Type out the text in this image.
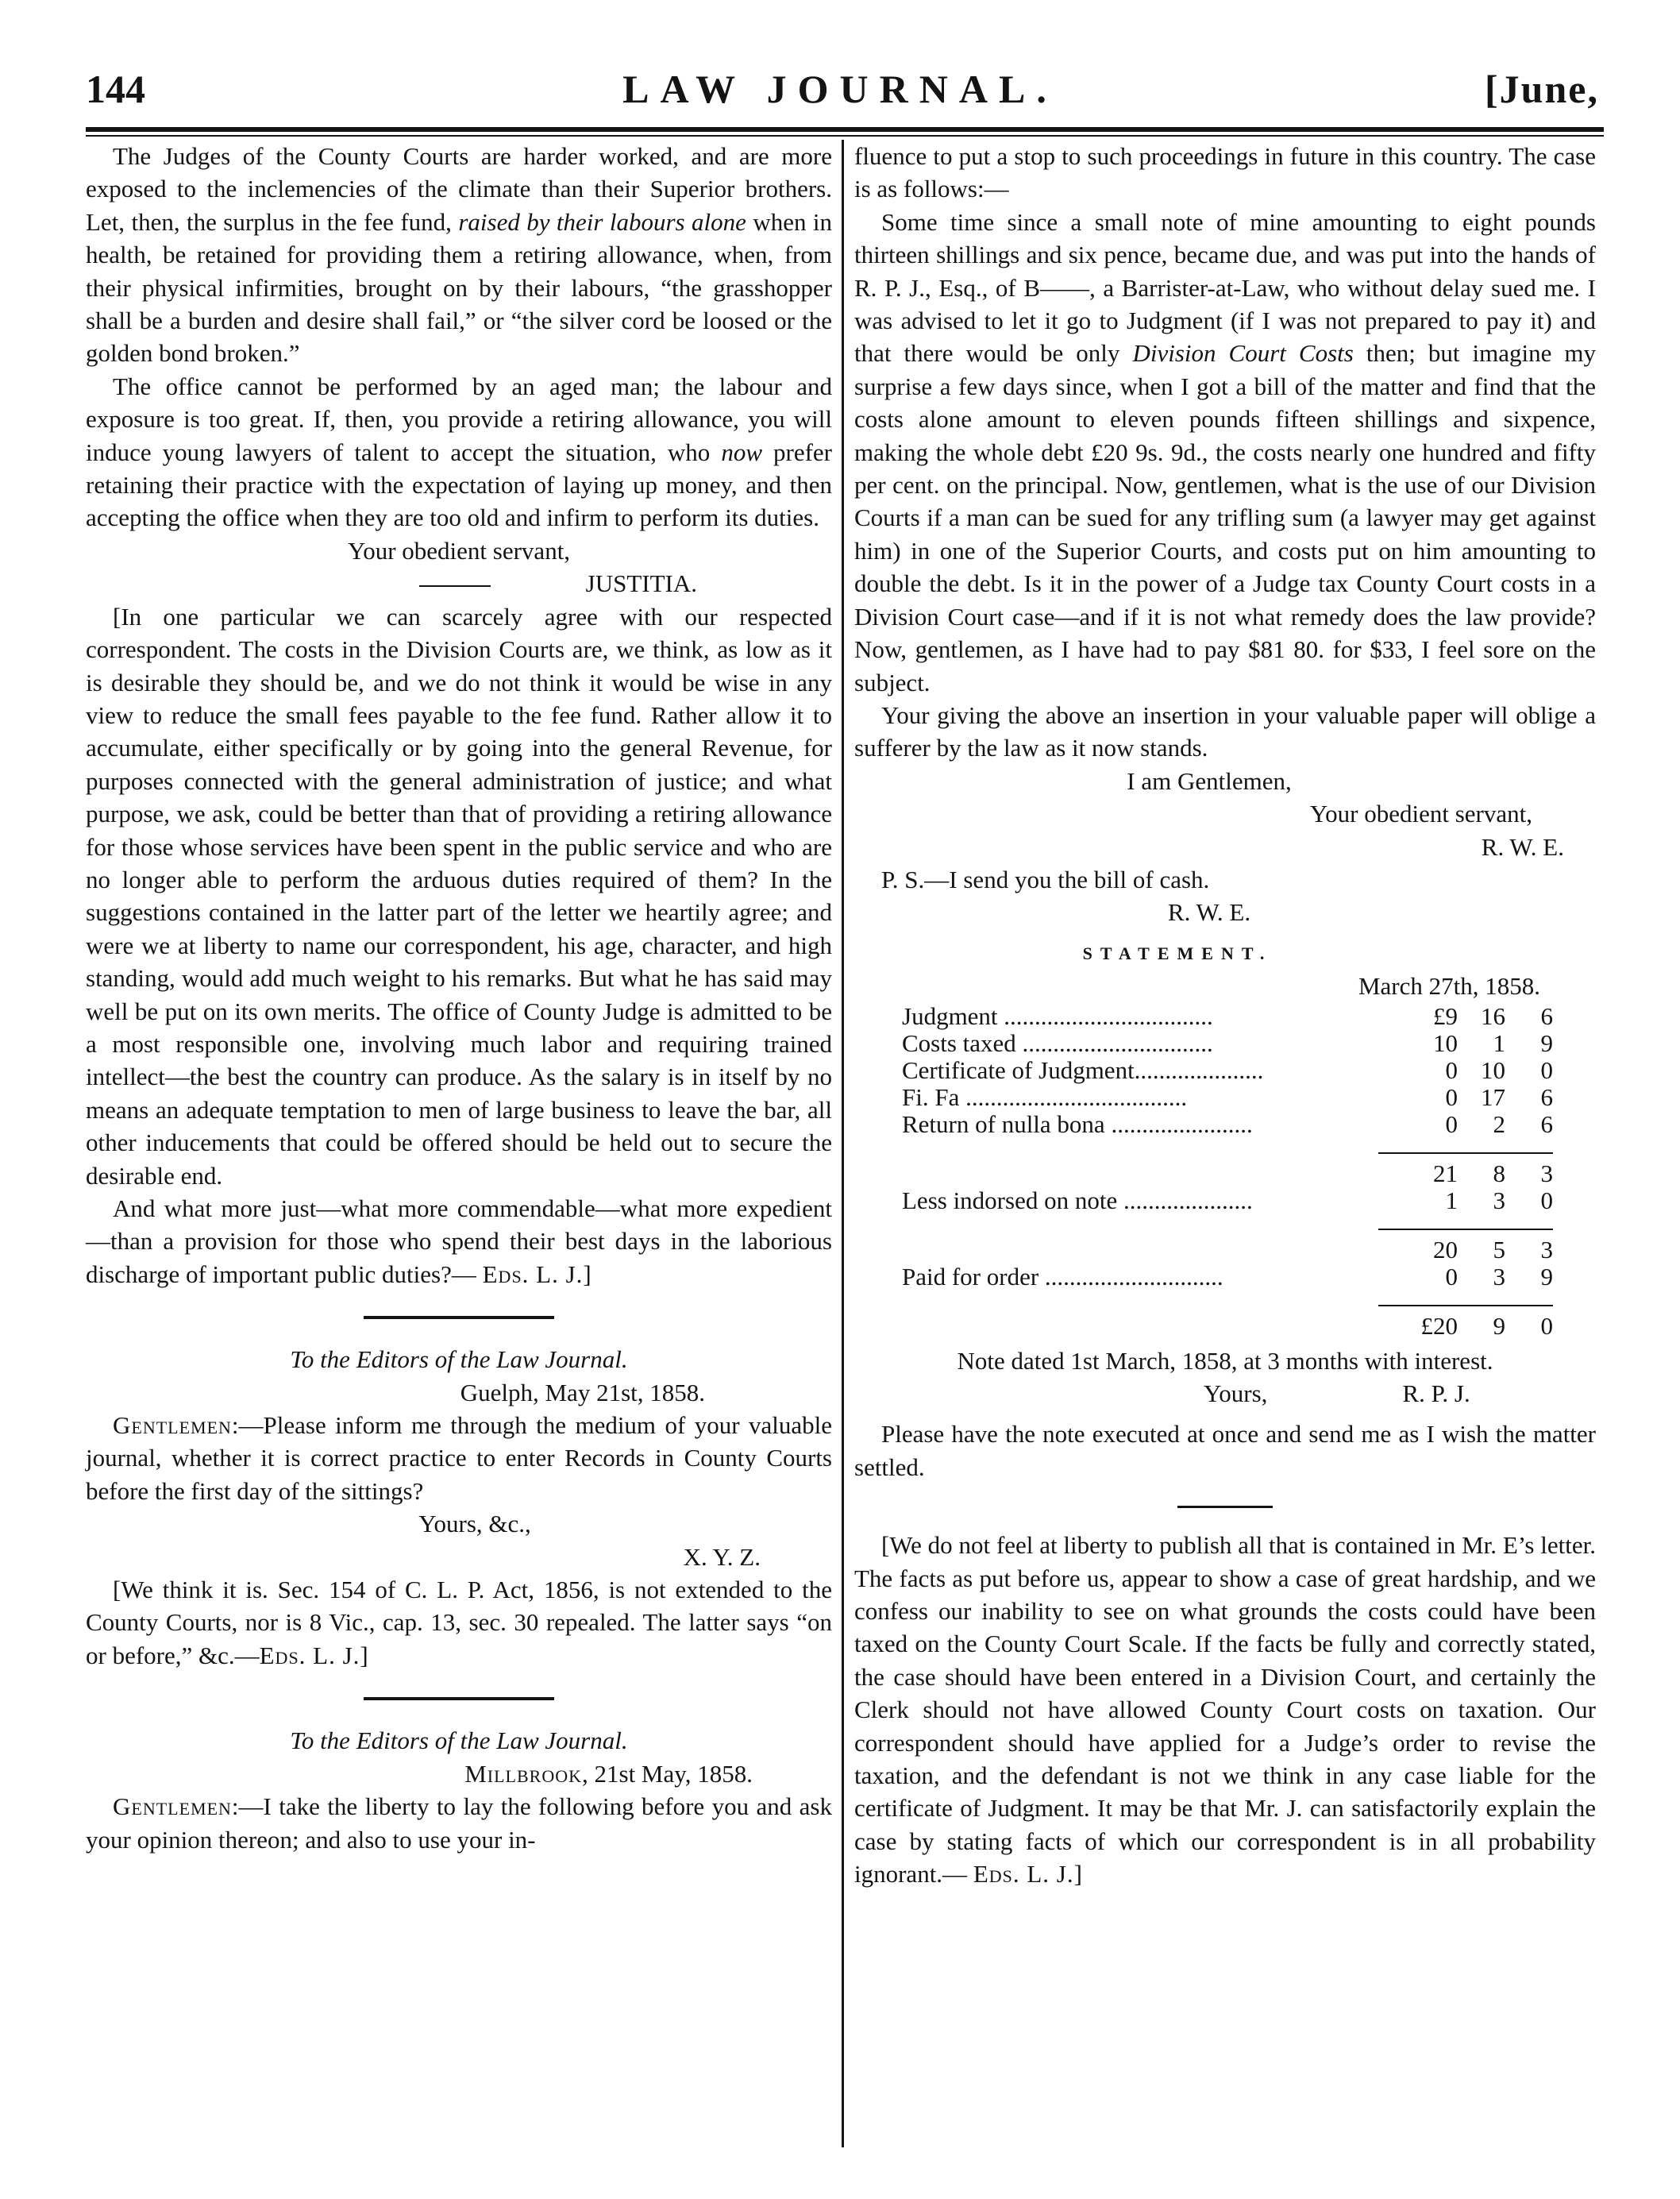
144	LAW JOURNAL.	[June,

The Judges of the County Courts are harder worked, and are more exposed to the inclemencies of the climate than their Superior brothers. Let, then, the surplus in the fee fund, raised by their labours alone when in health, be retained for providing them a retiring allowance, when, from their physical infirmities, brought on by their labours, “the grasshopper shall be a burden and desire shall fail,” or “the silver cord be loosed or the golden bond broken.”

The office cannot be performed by an aged man; the labour and exposure is too great. If, then, you provide a retiring allowance, you will induce young lawyers of talent to accept the situation, who now prefer retaining their practice with the expectation of laying up money, and then accepting the office when they are too old and infirm to perform its duties.

Your obedient servant,

JUSTITIA.

[In one particular we can scarcely agree with our respected correspondent. The costs in the Division Courts are, we think, as low as it is desirable they should be, and we do not think it would be wise in any view to reduce the small fees payable to the fee fund. Rather allow it to accumulate, either specifically or by going into the general Revenue, for purposes connected with the general administration of justice; and what purpose, we ask, could be better than that of providing a retiring allowance for those whose services have been spent in the public service and who are no longer able to perform the arduous duties required of them? In the suggestions contained in the latter part of the letter we heartily agree; and were we at liberty to name our correspondent, his age, character, and high standing, would add much weight to his remarks. But what he has said may well be put on its own merits. The office of County Judge is admitted to be a most responsible one, involving much labor and requiring trained intellect—the best the country can produce. As the salary is in itself by no means an adequate temptation to men of large business to leave the bar, all other inducements that could be offered should be held out to secure the desirable end.

And what more just—what more commendable—what more expedient—than a provision for those who spend their best days in the laborious discharge of important public duties?— Eds. L. J.]

To the Editors of the Law Journal.

Guelph, May 21st, 1858.

Gentlemen:—Please inform me through the medium of your valuable journal, whether it is correct practice to enter Records in County Courts before the first day of the sittings?

Yours, &c.,

X. Y. Z.

[We think it is. Sec. 154 of C. L. P. Act, 1856, is not extended to the County Courts, nor is 8 Vic., cap. 13, sec. 30 repealed. The latter says “on or before,” &c.—Eds. L. J.]

To the Editors of the Law Journal.

Millbrook, 21st May, 1858.

Gentlemen:—I take the liberty to lay the following before you and ask your opinion thereon; and also to use your in-

fluence to put a stop to such proceedings in future in this country. The case is as follows:—

Some time since a small note of mine amounting to eight pounds thirteen shillings and six pence, became due, and was put into the hands of R. P. J., Esq., of B——, a Barrister-at-Law, who without delay sued me. I was advised to let it go to Judgment (if I was not prepared to pay it) and that there would be only Division Court Costs then; but imagine my surprise a few days since, when I got a bill of the matter and find that the costs alone amount to eleven pounds fifteen shillings and sixpence, making the whole debt £20 9s. 9d., the costs nearly one hundred and fifty per cent. on the principal. Now, gentlemen, what is the use of our Division Courts if a man can be sued for any trifling sum (a lawyer may get against him) in one of the Superior Courts, and costs put on him amounting to double the debt. Is it in the power of a Judge tax County Court costs in a Division Court case—and if it is not what remedy does the law provide? Now, gentlemen, as I have had to pay $81 80. for $33, I feel sore on the subject.

Your giving the above an insertion in your valuable paper will oblige a sufferer by the law as it now stands.

I am Gentlemen,

Your obedient servant,

R. W. E.

P. S.—I send you the bill of cash.

R. W. E.

STATEMENT.

March 27th, 1858.

Judgment ..................................	£9	16	6
Costs taxed ...............................	10	1	9
Certificate of Judgment.....................	0	10	0
Fi. Fa ....................................	0	17	6
Return of nulla bona .......................	0	2	6

	21	8	3
Less indorsed on note .....................	1	3	0

	20	5	3
Paid for order .............................	0	3	9

	£20	9	0

Note dated 1st March, 1858, at 3 months with interest.

Yours,	R. P. J.

Please have the note executed at once and send me as I wish the matter settled.

[We do not feel at liberty to publish all that is contained in Mr. E’s letter. The facts as put before us, appear to show a case of great hardship, and we confess our inability to see on what grounds the costs could have been taxed on the County Court Scale. If the facts be fully and correctly stated, the case should have been entered in a Division Court, and certainly the Clerk should not have allowed County Court costs on taxation. Our correspondent should have applied for a Judge’s order to revise the taxation, and the defendant is not we think in any case liable for the certificate of Judgment. It may be that Mr. J. can satisfactorily explain the case by stating facts of which our correspondent is in all probability ignorant.— Eds. L. J.]
